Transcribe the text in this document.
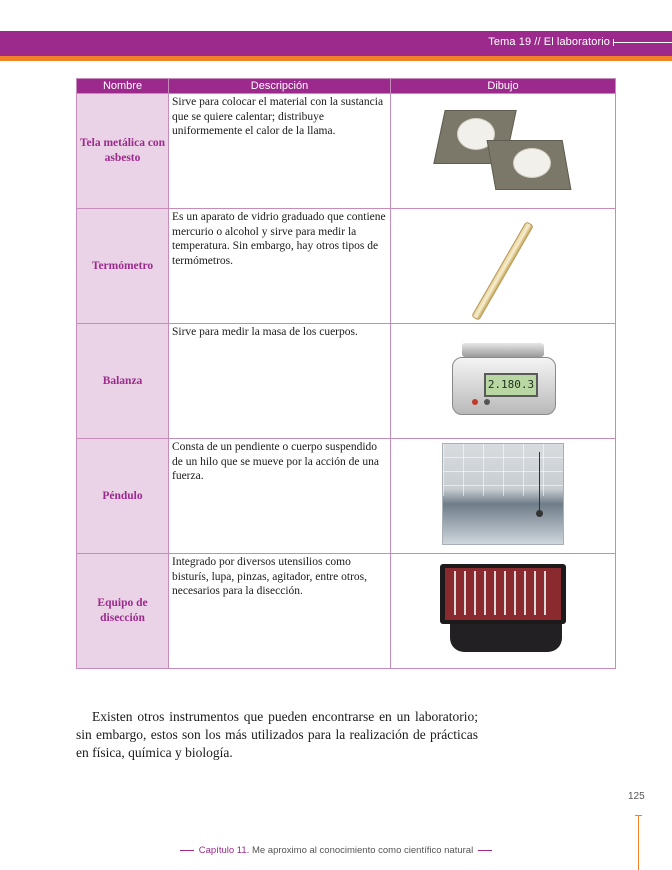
Tema 19 // El laboratorio
Nombre	Descripción	Dibujo
Tela metálica con asbesto	Sirve para colocar el material con la sustancia que se quiere calentar; distribuye uniformemente el calor de la llama.	

Termómetro	Es un aparato de vidrio graduado que contiene mercurio o alcohol y sirve para medir la temperatura. Sin embargo, hay otros tipos de termómetros.	

Balanza	Sirve para medir la masa de los cuerpos.	2.180.3

Péndulo	Consta de un pendiente o cuerpo suspendido de un hilo que se mueve por la acción de una fuerza.	

Equipo de disección	Integrado por diversos utensilios como bisturís, lupa, pinzas, agitador, entre otros, necesarios para la disección.	

Existen otros instrumentos que pueden encontrarse en un laboratorio; sin embargo, estos son los más utilizados para la realización de prácticas en física, química y biología.

125
Capítulo 11. Me aproximo al conocimiento como científico natural
